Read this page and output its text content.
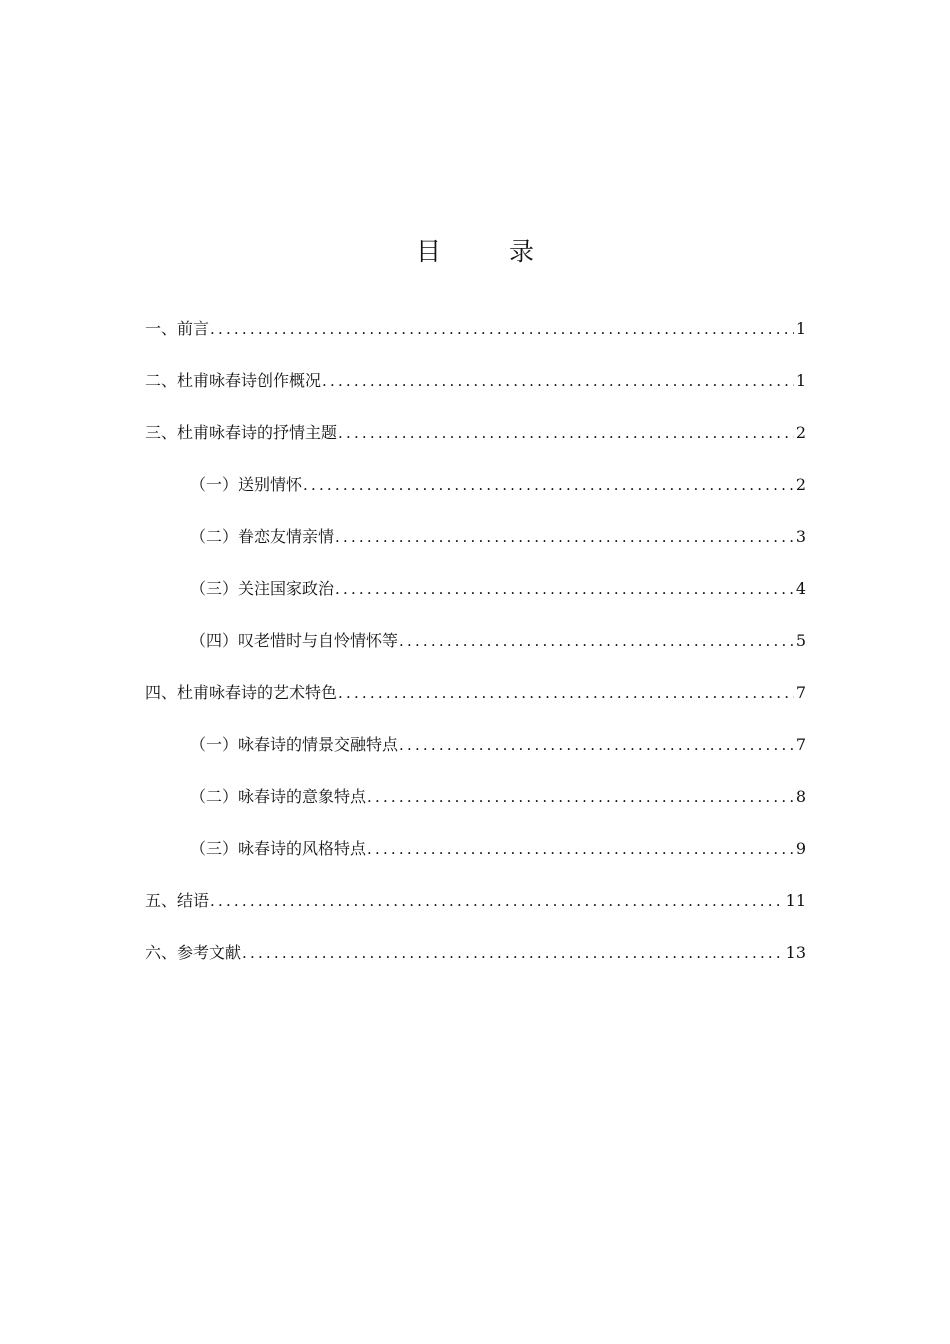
目 录
一、前言 .....	1
二、杜甫咏春诗创作概况 .....	1
三、杜甫咏春诗的抒情主题 .....	2
（一）送别情怀 .....	2
（二）眷恋友情亲情 .....	3
（三）关注国家政治 .....	4
（四）叹老惜时与自怜情怀等 .....	5
四、杜甫咏春诗的艺术特色 .....	7
（一）咏春诗的情景交融特点 .....	7
（二）咏春诗的意象特点 .....	8
（三）咏春诗的风格特点 .....	9
五、结语 .....	11
六、参考文献 .....	13
